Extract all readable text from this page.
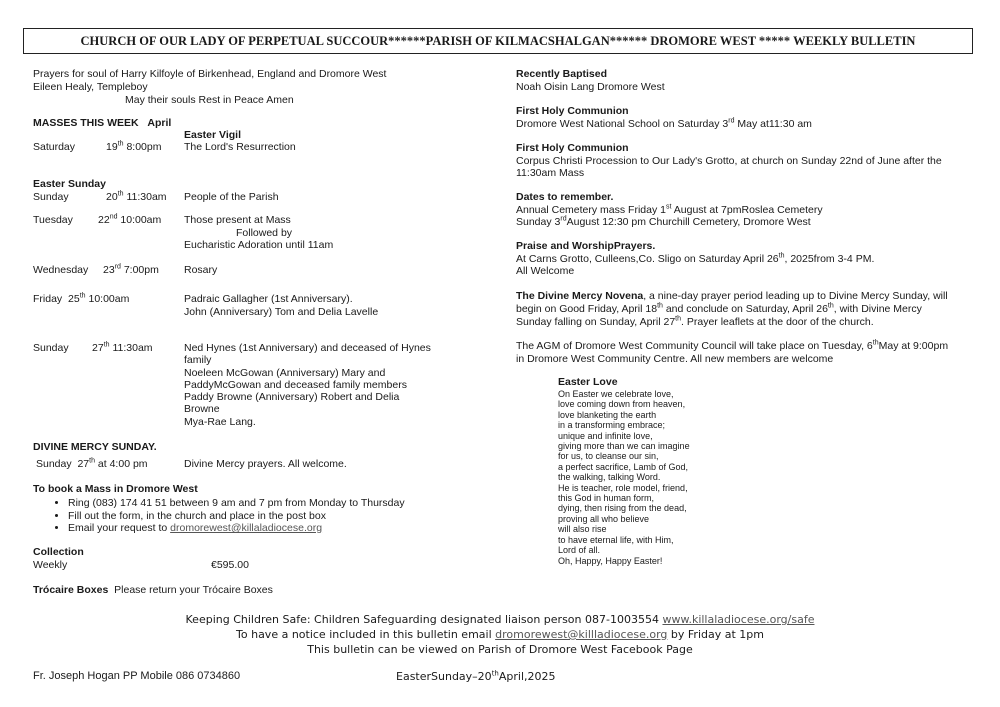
CHURCH OF OUR LADY OF PERPETUAL SUCCOUR******PARISH OF KILMACSHALGAN****** DROMORE WEST ***** WEEKLY BULLETIN
Prayers for soul of Harry Kilfoyle of Birkenhead, England and Dromore West
Eileen Healy, Templeboy
May their souls Rest in Peace Amen
MASSES THIS WEEK April
Easter Vigil
Saturday	19th 8:00pm The Lord's Resurrection
Easter Sunday
Sunday	20th 11:30am People of the Parish
Tuesday 22nd 10:00am Those present at Mass
Followed by
Eucharistic Adoration until 11am
Wednesday 23rd 7:00pm Rosary
Friday 25th 10:00am	Padraic Gallagher (1st Anniversary).
John (Anniversary) Tom and Delia Lavelle
Sunday 27th 11:30am	Ned Hynes (1st Anniversary) and deceased of Hynes
family
Noeleen McGowan (Anniversary) Mary and
PaddyMcGowan and deceased family members
Paddy Browne (Anniversary) Robert and Delia
Browne
Mya-Rae Lang.
DIVINE MERCY SUNDAY.
Sunday 27th at 4:00 pm	Divine Mercy prayers. All welcome.
To book a Mass in Dromore West
• Ring (083) 174 41 51 between 9 am and 7 pm from Monday to Thursday
• Fill out the form, in the church and place in the post box
• Email your request to dromorewest@killaladiocese.org
Collection
Weekly	€595.00
Trócaire Boxes Please return your Trócaire Boxes
Recently Baptised
Noah Oisin Lang Dromore West
First Holy Communion
Dromore West National School on Saturday 3rd May at11:30 am
First Holy Communion
Corpus Christi Procession to Our Lady's Grotto, at church on Sunday 22nd of June after the
11:30am Mass
Dates to remember.
Annual Cemetery mass Friday 1st August at 7pmRoslea Cemetery
Sunday 3rdAugust 12:30 pm Churchill Cemetery, Dromore West
Praise and WorshipPrayers.
At Carns Grotto, Culleens,Co. Sligo on Saturday April 26th, 2025from 3-4 PM.
All Welcome
The Divine Mercy Novena, a nine-day prayer period leading up to Divine Mercy Sunday, will
begin on Good Friday, April 18th and conclude on Saturday, April 26th, with Divine Mercy
Sunday falling on Sunday, April 27th. Prayer leaflets at the door of the church.
The AGM of Dromore West Community Council will take place on Tuesday, 6thMay at 9:00pm
in Dromore West Community Centre. All new members are welcome
Easter Love
On Easter we celebrate love,
love coming down from heaven,
love blanketing the earth
in a transforming embrace;
unique and infinite love,
giving more than we can imagine
for us, to cleanse our sin,
a perfect sacrifice, Lamb of God,
the walking, talking Word.
He is teacher, role model, friend,
this God in human form,
dying, then rising from the dead,
proving all who believe
will also rise
to have eternal life, with Him,
Lord of all.
Oh, Happy, Happy Easter!
Keeping Children Safe: Children Safeguarding designated liaison person 087-1003554 www.killaladiocese.org/safe
To have a notice included in this bulletin email dromorewest@killladiocese.org by Friday at 1pm
This bulletin can be viewed on Parish of Dromore West Facebook Page
Fr. Joseph Hogan PP Mobile 086 0734860	EasterSunday–20thApril,2025
